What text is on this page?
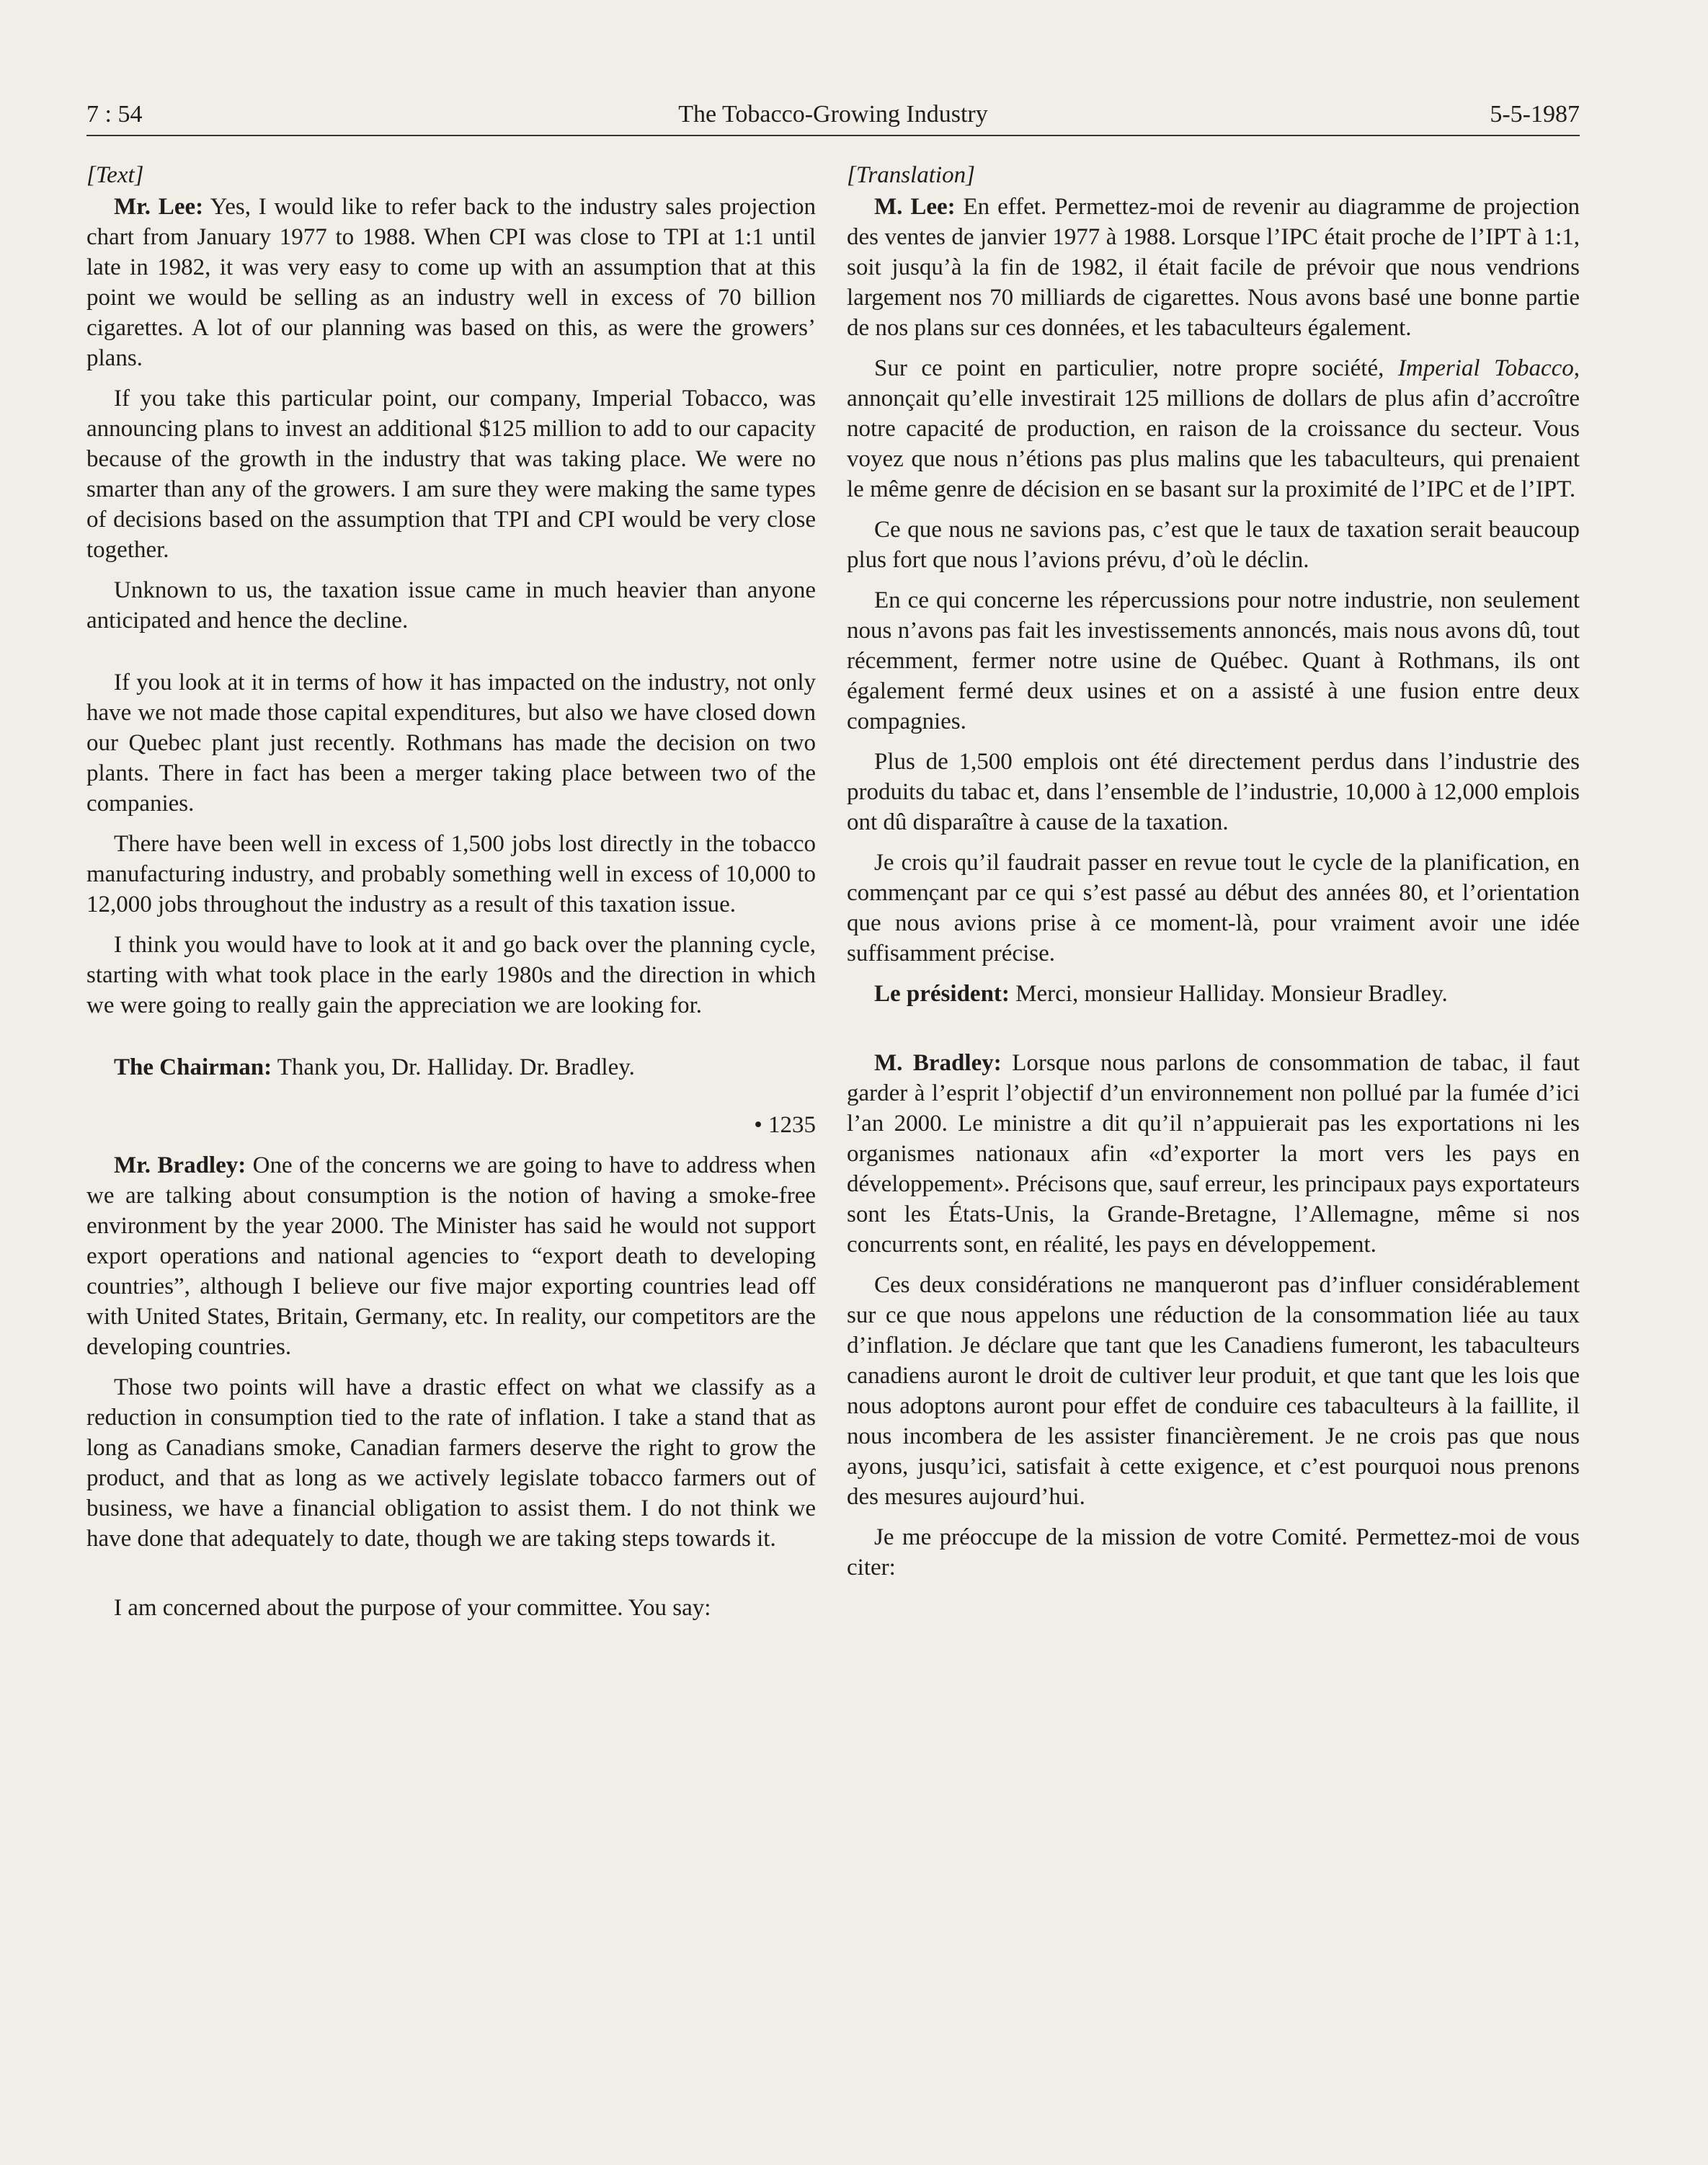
7 : 54	The Tobacco-Growing Industry	5-5-1987

[Text]

Mr. Lee: Yes, I would like to refer back to the industry sales projection chart from January 1977 to 1988. When CPI was close to TPI at 1:1 until late in 1982, it was very easy to come up with an assumption that at this point we would be selling as an industry well in excess of 70 billion cigarettes. A lot of our planning was based on this, as were the growers’ plans.

If you take this particular point, our company, Imperial Tobacco, was announcing plans to invest an additional $125 million to add to our capacity because of the growth in the industry that was taking place. We were no smarter than any of the growers. I am sure they were making the same types of decisions based on the assumption that TPI and CPI would be very close together.

Unknown to us, the taxation issue came in much heavier than anyone anticipated and hence the decline.

If you look at it in terms of how it has impacted on the industry, not only have we not made those capital expenditures, but also we have closed down our Quebec plant just recently. Rothmans has made the decision on two plants. There in fact has been a merger taking place between two of the companies.

There have been well in excess of 1,500 jobs lost directly in the tobacco manufacturing industry, and probably something well in excess of 10,000 to 12,000 jobs throughout the industry as a result of this taxation issue.

I think you would have to look at it and go back over the planning cycle, starting with what took place in the early 1980s and the direction in which we were going to really gain the appreciation we are looking for.

The Chairman: Thank you, Dr. Halliday. Dr. Bradley.

• 1235

Mr. Bradley: One of the concerns we are going to have to address when we are talking about consumption is the notion of having a smoke-free environment by the year 2000. The Minister has said he would not support export operations and national agencies to “export death to developing countries”, although I believe our five major exporting countries lead off with United States, Britain, Germany, etc. In reality, our competitors are the developing countries.

Those two points will have a drastic effect on what we classify as a reduction in consumption tied to the rate of inflation. I take a stand that as long as Canadians smoke, Canadian farmers deserve the right to grow the product, and that as long as we actively legislate tobacco farmers out of business, we have a financial obligation to assist them. I do not think we have done that adequately to date, though we are taking steps towards it.

I am concerned about the purpose of your committee. You say:

[Translation]

M. Lee: En effet. Permettez-moi de revenir au diagramme de projection des ventes de janvier 1977 à 1988. Lorsque l’IPC était proche de l’IPT à 1:1, soit jusqu’à la fin de 1982, il était facile de prévoir que nous vendrions largement nos 70 milliards de cigarettes. Nous avons basé une bonne partie de nos plans sur ces données, et les tabaculteurs également.

Sur ce point en particulier, notre propre société, Imperial Tobacco, annonçait qu’elle investirait 125 millions de dollars de plus afin d’accroître notre capacité de production, en raison de la croissance du secteur. Vous voyez que nous n’étions pas plus malins que les tabaculteurs, qui prenaient le même genre de décision en se basant sur la proximité de l’IPC et de l’IPT.

Ce que nous ne savions pas, c’est que le taux de taxation serait beaucoup plus fort que nous l’avions prévu, d’où le déclin.

En ce qui concerne les répercussions pour notre industrie, non seulement nous n’avons pas fait les investissements annoncés, mais nous avons dû, tout récemment, fermer notre usine de Québec. Quant à Rothmans, ils ont également fermé deux usines et on a assisté à une fusion entre deux compagnies.

Plus de 1,500 emplois ont été directement perdus dans l’industrie des produits du tabac et, dans l’ensemble de l’industrie, 10,000 à 12,000 emplois ont dû disparaître à cause de la taxation.

Je crois qu’il faudrait passer en revue tout le cycle de la planification, en commençant par ce qui s’est passé au début des années 80, et l’orientation que nous avions prise à ce moment-là, pour vraiment avoir une idée suffisamment précise.

Le président: Merci, monsieur Halliday. Monsieur Bradley.

M. Bradley: Lorsque nous parlons de consommation de tabac, il faut garder à l’esprit l’objectif d’un environnement non pollué par la fumée d’ici l’an 2000. Le ministre a dit qu’il n’appuierait pas les exportations ni les organismes nationaux afin «d’exporter la mort vers les pays en développement». Précisons que, sauf erreur, les principaux pays exportateurs sont les États-Unis, la Grande-Bretagne, l’Allemagne, même si nos concurrents sont, en réalité, les pays en développement.

Ces deux considérations ne manqueront pas d’influer considérablement sur ce que nous appelons une réduction de la consommation liée au taux d’inflation. Je déclare que tant que les Canadiens fumeront, les tabaculteurs canadiens auront le droit de cultiver leur produit, et que tant que les lois que nous adoptons auront pour effet de conduire ces tabaculteurs à la faillite, il nous incombera de les assister financièrement. Je ne crois pas que nous ayons, jusqu’ici, satisfait à cette exigence, et c’est pourquoi nous prenons des mesures aujourd’hui.

Je me préoccupe de la mission de votre Comité. Permettez-moi de vous citer:
